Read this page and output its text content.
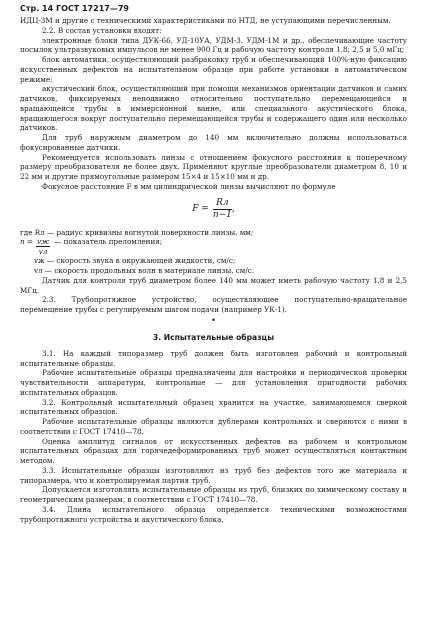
Стр. 14 ГОСТ 17217—79

ИДЦ-3М и другие с техническими характеристиками по НТД, не уступающими перечисленным.

2.2. В состав установки входят:

электронные блоки типа ДУК-66, УД-10УА, УДМ-3, УДМ-1М и др., обеспечивающие частоту посылок ультразвуковых импульсов не менее 900 Гц и рабочую частоту контроля 1,8; 2,5 и 5,0 мГц;

блок автоматики, осуществляющий разбраковку труб и обеспечивающий 100%-ную фиксацию искусственных дефектов на испытательном образце при работе установки в автоматическом режиме:

акустический блок, осуществляющий при помощи механизмов ориентации датчиков и самих датчиков, фиксируемых неподвижно относительно поступательно перемещающейся и вращающейся трубы в иммерсионной ванне, или специального акустического блока, вращающегося вокруг поступательно перемещающейся трубы и содержащего один или несколько датчиков.

Для труб наружным диаметром до 140 мм включительно должны использоваться фокусированные датчики.

Рекомендуется использовать линзы с отношением фокусного расстояния к поперечному размеру преобразователя не более двух. Применяют круглые преобразователи диаметром 8, 10 и 22 мм и другие прямоугольные размером 15×4 и 15×10 мм и др.

Фокусное расстояние F в мм цилиндрической линзы вычисляют по формуле

$F = \frac{Rл}{n-1}$ ,

где Rл — радиус кривизны вогнутой поверхности линзы, мм;

$n = \frac{vж}{vл}$ — показатель преломления;

vж — скорость звука в окружающей жидкости, см/с;

vл — скорость продольных волн в материале линзы, см/с.

Датчик для контроля труб диаметром более 140 мм может иметь рабочую частоту 1,8 и 2,5 МГц.

2.3. Трубопротяжное устройство, осуществляющее поступательно-вращательное перемещение трубы с регулируемым шагом подачи (например УК-1).

•
3. Испытательные образцы

3.1. На каждый типоразмер труб должен быть изготовлен рабочий и контрольный испытательные образцы.

Рабочие испытательные образцы предназначены для настройки и периодической проверки чувствительности аппаратуры, контрольные — для установления пригодности рабочих испытательных образцов.

3.2. Контрольный испытательный образец хранится на участке, занимающемся сверкой испытательных образцов.

Рабочие испытательные образцы являются дублерами контрольных и сверяются с ними в соответствии с ГОСТ 17410—78.

Оценка амплитуд сигналов от искусственных дефектов на рабочем и контрольном испытательных образцах для горячедеформированных труб может осуществляться контактным методом.

3.3. Испытательные образцы изготовляют из труб без дефектов того же материала и типоразмера, что и контролируемая партия труб.

Допускается изготовлять испытательные образцы из труб, близких по химическому составу и геометрическим размерам, в соответствии с ГОСТ 17410—78.

3.4. Длина испытательного образца определяется техническими возможностями трубопротяжного устройства и акустического блока.
